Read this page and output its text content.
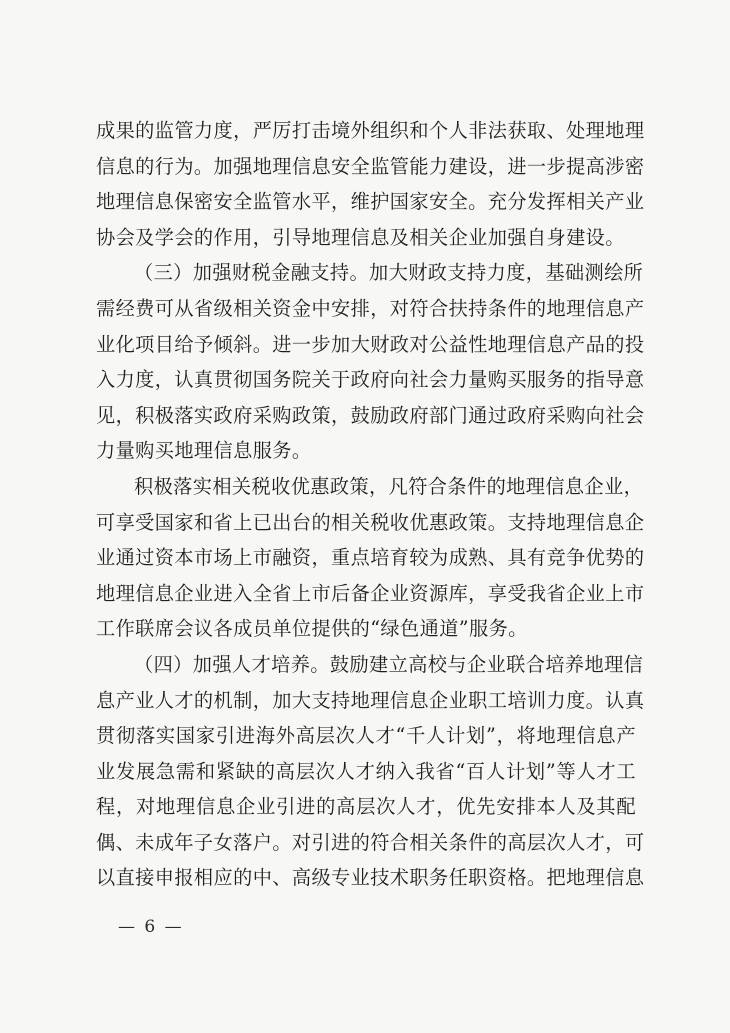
成果的监管力度，严厉打击境外组织和个人非法获取、处理地理
信息的行为。加强地理信息安全监管能力建设，进一步提高涉密
地理信息保密安全监管水平，维护国家安全。充分发挥相关产业
协会及学会的作用，引导地理信息及相关企业加强自身建设。
（三）加强财税金融支持。加大财政支持力度，基础测绘所
需经费可从省级相关资金中安排，对符合扶持条件的地理信息产
业化项目给予倾斜。进一步加大财政对公益性地理信息产品的投
入力度，认真贯彻国务院关于政府向社会力量购买服务的指导意
见，积极落实政府采购政策，鼓励政府部门通过政府采购向社会
力量购买地理信息服务。
积极落实相关税收优惠政策，凡符合条件的地理信息企业，
可享受国家和省上已出台的相关税收优惠政策。支持地理信息企
业通过资本市场上市融资，重点培育较为成熟、具有竞争优势的
地理信息企业进入全省上市后备企业资源库，享受我省企业上市
工作联席会议各成员单位提供的“绿色通道”服务。
（四）加强人才培养。鼓励建立高校与企业联合培养地理信
息产业人才的机制，加大支持地理信息企业职工培训力度。认真
贯彻落实国家引进海外高层次人才“千人计划”，将地理信息产
业发展急需和紧缺的高层次人才纳入我省“百人计划”等人才工
程，对地理信息企业引进的高层次人才，优先安排本人及其配
偶、未成年子女落户。对引进的符合相关条件的高层次人才，可
以直接申报相应的中、高级专业技术职务任职资格。把地理信息
— 6 —
